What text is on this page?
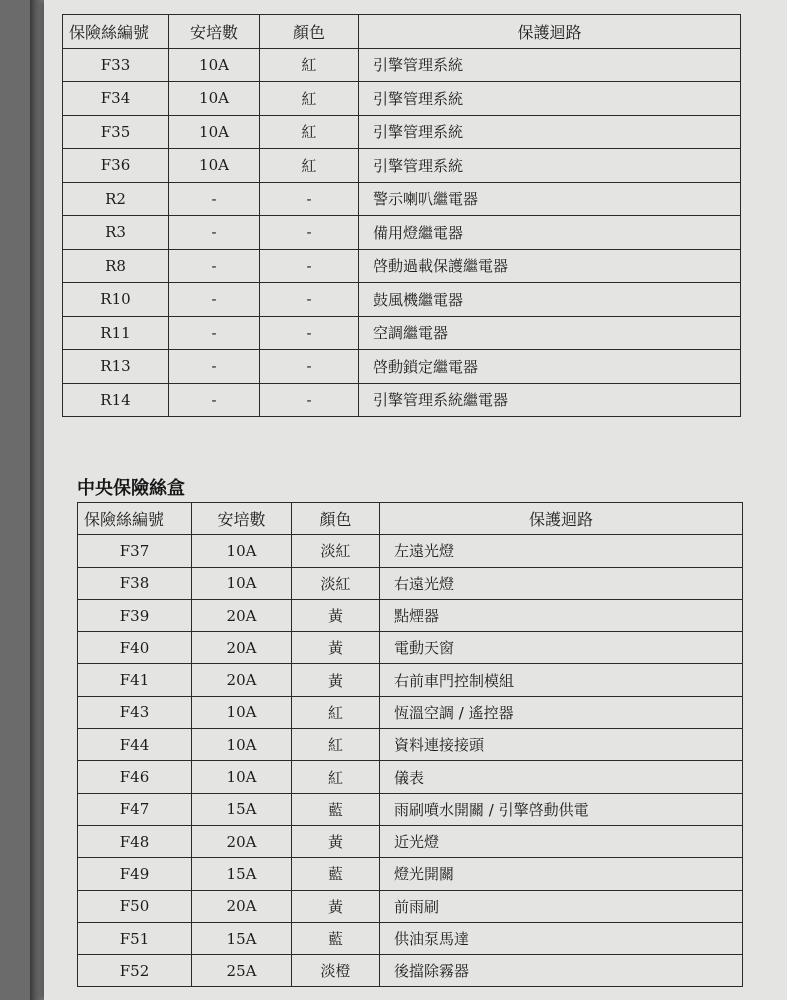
保險絲編號	安培數	顏色	保護迴路
F33	10A	紅	引擎管理系統
F34	10A	紅	引擎管理系統
F35	10A	紅	引擎管理系統
F36	10A	紅	引擎管理系統
R2	-	-	警示喇叭繼電器
R3	-	-	備用燈繼電器
R8	-	-	啓動過載保護繼電器
R10	-	-	鼓風機繼電器
R11	-	-	空調繼電器
R13	-	-	啓動鎖定繼電器
R14	-	-	引擎管理系統繼電器
中央保險絲盒
保險絲編號	安培數	顏色	保護迴路
F37	10A	淡紅	左遠光燈
F38	10A	淡紅	右遠光燈
F39	20A	黃	點煙器
F40	20A	黃	電動天窗
F41	20A	黃	右前車門控制模組
F43	10A	紅	恆溫空調 / 遙控器
F44	10A	紅	資料連接接頭
F46	10A	紅	儀表
F47	15A	藍	雨刷噴水開關 / 引擎啓動供電
F48	20A	黃	近光燈
F49	15A	藍	燈光開關
F50	20A	黃	前雨刷
F51	15A	藍	供油泵馬達
F52	25A	淡橙	後擋除霧器
